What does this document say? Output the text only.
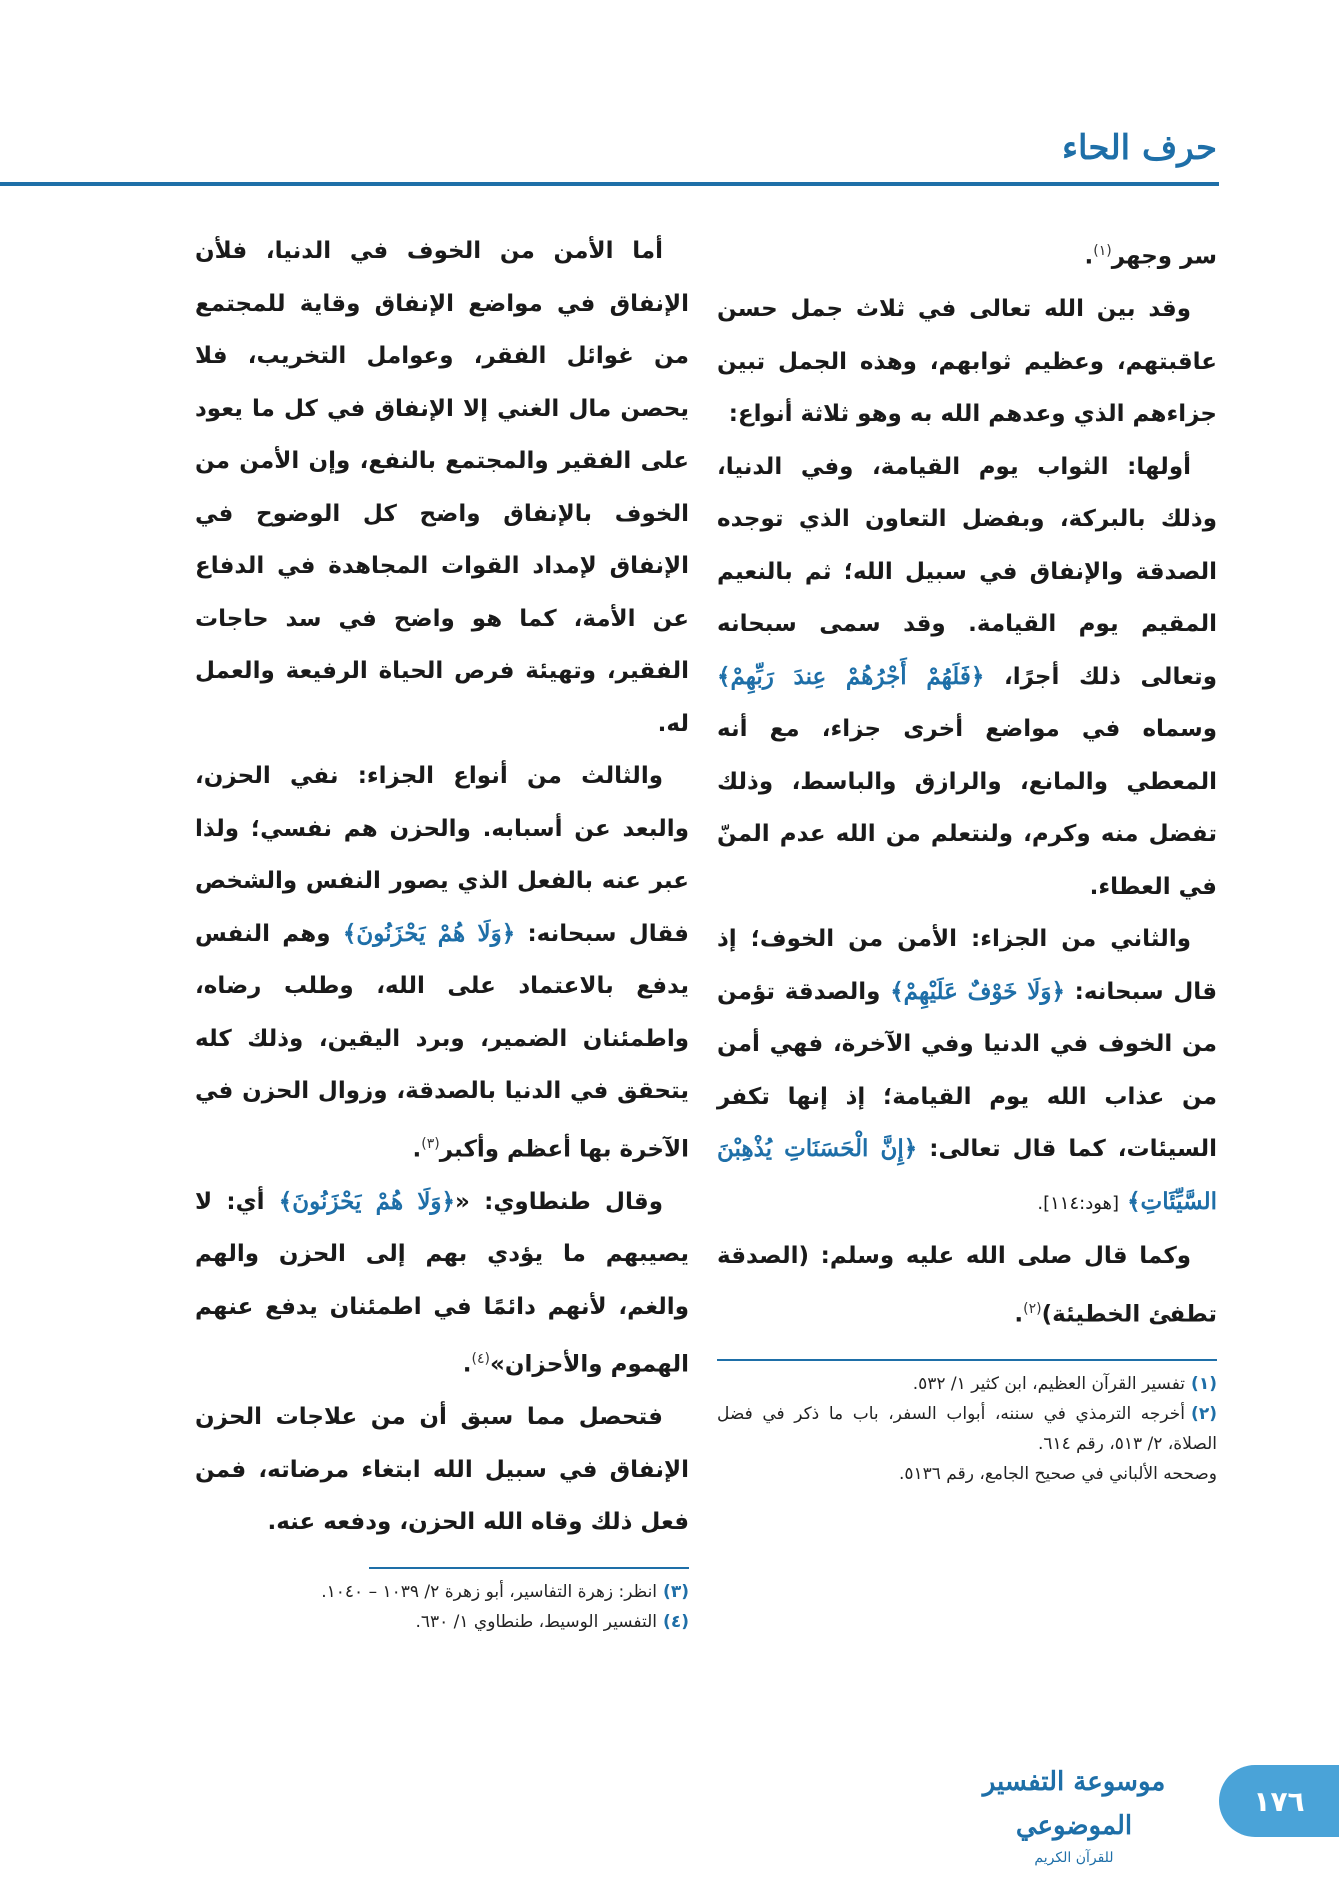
حرف الحاء

سر وجهر$^{(١)}$.

وقد بين الله تعالى في ثلاث جمل حسن عاقبتهم، وعظيم ثوابهم، وهذه الجمل تبين جزاءهم الذي وعدهم الله به وهو ثلاثة أنواع:

أولها: الثواب يوم القيامة، وفي الدنيا، وذلك بالبركة، وبفضل التعاون الذي توجده الصدقة والإنفاق في سبيل الله؛ ثم بالنعيم المقيم يوم القيامة. وقد سمى سبحانه وتعالى ذلك أجرًا، ﴿فَلَهُمْ أَجْرُهُمْ عِندَ رَبِّهِمْ﴾ وسماه في مواضع أخرى جزاء، مع أنه المعطي والمانع، والرازق والباسط، وذلك تفضل منه وكرم، ولنتعلم من الله عدم المنّ في العطاء.

والثاني من الجزاء: الأمن من الخوف؛ إذ قال سبحانه: ﴿وَلَا خَوْفٌ عَلَيْهِمْ﴾ والصدقة تؤمن من الخوف في الدنيا وفي الآخرة، فهي أمن من عذاب الله يوم القيامة؛ إذ إنها تكفر السيئات، كما قال تعالى: ﴿إِنَّ الْحَسَنَاتِ يُذْهِبْنَ السَّيِّئَاتِ﴾ [هود:١١٤].

وكما قال صلى الله عليه وسلم: (الصدقة تطفئ الخطيئة)$^{(٢)}$.

(١)تفسير القرآن العظيم، ابن كثير ١/ ٥٣٢.

(٢)أخرجه الترمذي في سننه، أبواب السفر، باب ما ذكر في فضل الصلاة، ٢/ ٥١٣، رقم ٦١٤.

وصححه الألباني في صحيح الجامع، رقم ٥١٣٦.

أما الأمن من الخوف في الدنيا، فلأن الإنفاق في مواضع الإنفاق وقاية للمجتمع من غوائل الفقر، وعوامل التخريب، فلا يحصن مال الغني إلا الإنفاق في كل ما يعود على الفقير والمجتمع بالنفع، وإن الأمن من الخوف بالإنفاق واضح كل الوضوح في الإنفاق لإمداد القوات المجاهدة في الدفاع عن الأمة، كما هو واضح في سد حاجات الفقير، وتهيئة فرص الحياة الرفيعة والعمل له.

والثالث من أنواع الجزاء: نفي الحزن، والبعد عن أسبابه. والحزن هم نفسي؛ ولذا عبر عنه بالفعل الذي يصور النفس والشخص فقال سبحانه: ﴿وَلَا هُمْ يَحْزَنُونَ﴾ وهم النفس يدفع بالاعتماد على الله، وطلب رضاه، واطمئنان الضمير، وبرد اليقين، وذلك كله يتحقق في الدنيا بالصدقة، وزوال الحزن في الآخرة بها أعظم وأكبر$^{(٣)}$.

وقال طنطاوي: «﴿وَلَا هُمْ يَحْزَنُونَ﴾ أي: لا يصيبهم ما يؤدي بهم إلى الحزن والهم والغم، لأنهم دائمًا في اطمئنان يدفع عنهم الهموم والأحزان»$^{(٤)}$.

فتحصل مما سبق أن من علاجات الحزن الإنفاق في سبيل الله ابتغاء مرضاته، فمن فعل ذلك وقاه الله الحزن، ودفعه عنه.

(٣)انظر: زهرة التفاسير، أبو زهرة ٢/ ١٠٣٩ – ١٠٤٠.

(٤)التفسير الوسيط، طنطاوي ١/ ٦٣٠.

موسوعة التفسير الموضوعي
للقرآن الكريم
١٧٦
